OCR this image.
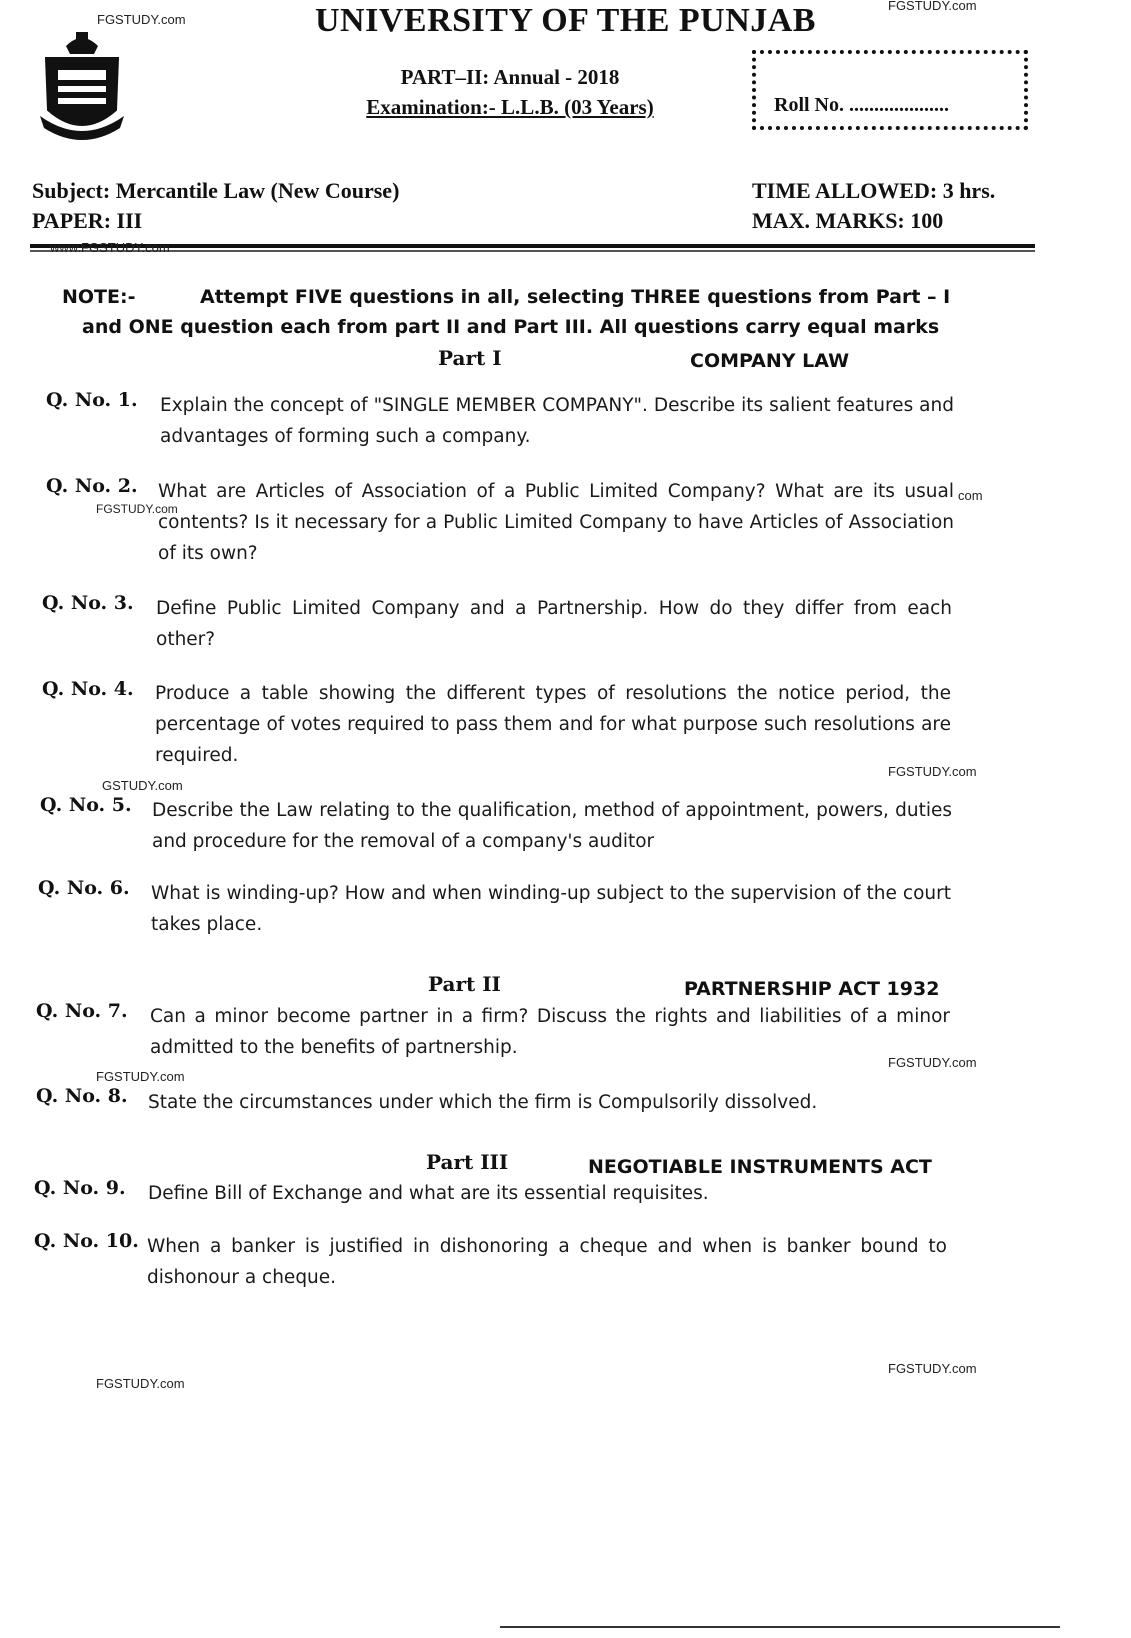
FGSTUDY.com
FGSTUDY.com
UNIVERSITY OF THE PUNJAB
PART–II: Annual - 2018
Examination:- L.L.B. (03 Years)	Roll No. ....................
Subject: Mercantile Law (New Course)
PAPER: III
TIME ALLOWED: 3 hrs.
MAX. MARKS: 100
www.FGSTUDY.com
NOTE:-	Attempt FIVE questions in all, selecting THREE questions from Part – I
and ONE question each from part II and Part III. All questions carry equal marks
Part I	COMPANY LAW
Q. No. 1. Explain the concept of "SINGLE MEMBER COMPANY". Describe its salient features and advantages of forming such a company.
Q. No. 2. What are Articles of Association of a Public Limited Company? What are its usual contents? Is it necessary for a Public Limited Company to have Articles of Association of its own?
FGSTUDY.com
com
Q. No. 3. Define Public Limited Company and a Partnership. How do they differ from each other?
Q. No. 4. Produce a table showing the different types of resolutions the notice period, the percentage of votes required to pass them and for what purpose such resolutions are required.
FGSTUDY.com
GSTUDY.com
Q. No. 5. Describe the Law relating to the qualification, method of appointment, powers, duties and procedure for the removal of a company's auditor
Q. No. 6. What is winding-up? How and when winding-up subject to the supervision of the court takes place.
Part II	PARTNERSHIP ACT 1932
Q. No. 7. Can a minor become partner in a firm? Discuss the rights and liabilities of a minor admitted to the benefits of partnership.
FGSTUDY.com
FGSTUDY.com
Q. No. 8. State the circumstances under which the firm is Compulsorily dissolved.
Part III	NEGOTIABLE INSTRUMENTS ACT
Q. No. 9. Define Bill of Exchange and what are its essential requisites.
Q. No. 10. When a banker is justified in dishonoring a cheque and when is banker bound to dishonour a cheque.
FGSTUDY.com
FGSTUDY.com
